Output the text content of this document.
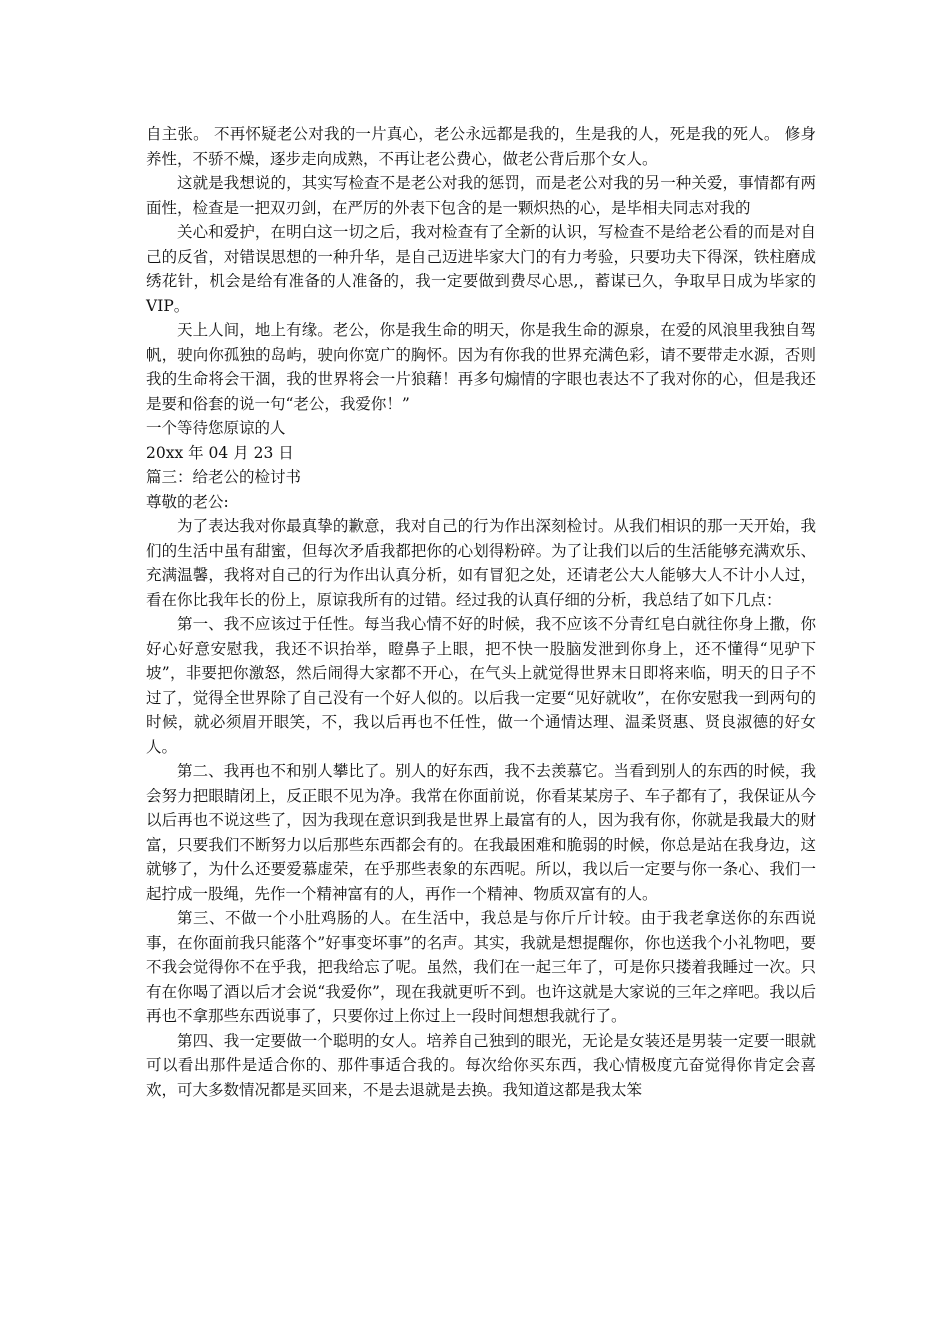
自主张。 不再怀疑老公对我的一片真心，老公永远都是我的，生是我的人，死是我的死人。 修身养性，不骄不燥，逐步走向成熟，不再让老公费心，做老公背后那个女人。

这就是我想说的，其实写检查不是老公对我的惩罚，而是老公对我的另一种关爱，事情都有两面性，检查是一把双刃剑，在严厉的外表下包含的是一颗炽热的心，是毕相夫同志对我的

关心和爱护，在明白这一切之后，我对检查有了全新的认识，写检查不是给老公看的而是对自己的反省，对错误思想的一种升华，是自己迈进毕家大门的有力考验，只要功夫下得深，铁柱磨成绣花针，机会是给有准备的人准备的，我一定要做到费尽心思,，蓄谋已久，争取早日成为毕家的 VIP。

天上人间，地上有缘。老公，你是我生命的明天，你是我生命的源泉，在爱的风浪里我独自驾帆，驶向你孤独的岛屿，驶向你宽广的胸怀。因为有你我的世界充满色彩，请不要带走水源，否则我的生命将会干涸，我的世界将会一片狼藉！再多句煽情的字眼也表达不了我对你的心，但是我还是要和俗套的说一句“老公，我爱你！”

一个等待您原谅的人

20xx 年 04 月 23 日

篇三：给老公的检讨书

尊敬的老公:

为了表达我对你最真挚的歉意，我对自己的行为作出深刻检讨。从我们相识的那一天开始，我们的生活中虽有甜蜜，但每次矛盾我都把你的心划得粉碎。为了让我们以后的生活能够充满欢乐、充满温馨，我将对自己的行为作出认真分析，如有冒犯之处，还请老公大人能够大人不计小人过，看在你比我年长的份上，原谅我所有的过错。经过我的认真仔细的分析，我总结了如下几点：

第一、我不应该过于任性。每当我心情不好的时候，我不应该不分青红皂白就往你身上撒，你好心好意安慰我，我还不识抬举，瞪鼻子上眼，把不快一股脑发泄到你身上，还不懂得“见驴下坡”，非要把你激怒，然后闹得大家都不开心，在气头上就觉得世界末日即将来临，明天的日子不过了，觉得全世界除了自己没有一个好人似的。以后我一定要“见好就收”，在你安慰我一到两句的时候，就必须眉开眼笑，不，我以后再也不任性，做一个通情达理、温柔贤惠、贤良淑德的好女人。

第二、我再也不和别人攀比了。别人的好东西，我不去羡慕它。当看到别人的东西的时候，我会努力把眼睛闭上，反正眼不见为净。我常在你面前说，你看某某房子、车子都有了，我保证从今以后再也不说这些了，因为我现在意识到我是世界上最富有的人，因为我有你，你就是我最大的财富，只要我们不断努力以后那些东西都会有的。在我最困难和脆弱的时候，你总是站在我身边，这就够了，为什么还要爱慕虚荣，在乎那些表象的东西呢。所以，我以后一定要与你一条心、我们一起拧成一股绳，先作一个精神富有的人，再作一个精神、物质双富有的人。

第三、不做一个小肚鸡肠的人。在生活中，我总是与你斤斤计较。由于我老拿送你的东西说事，在你面前我只能落个”好事变坏事”的名声。其实，我就是想提醒你，你也送我个小礼物吧，要不我会觉得你不在乎我，把我给忘了呢。虽然，我们在一起三年了，可是你只搂着我睡过一次。只有在你喝了酒以后才会说“我爱你”，现在我就更听不到。也许这就是大家说的三年之痒吧。我以后再也不拿那些东西说事了，只要你过上你过上一段时间想想我就行了。

第四、我一定要做一个聪明的女人。培养自己独到的眼光，无论是女装还是男装一定要一眼就可以看出那件是适合你的、那件事适合我的。每次给你买东西，我心情极度亢奋觉得你肯定会喜欢，可大多数情况都是买回来，不是去退就是去换。我知道这都是我太笨
